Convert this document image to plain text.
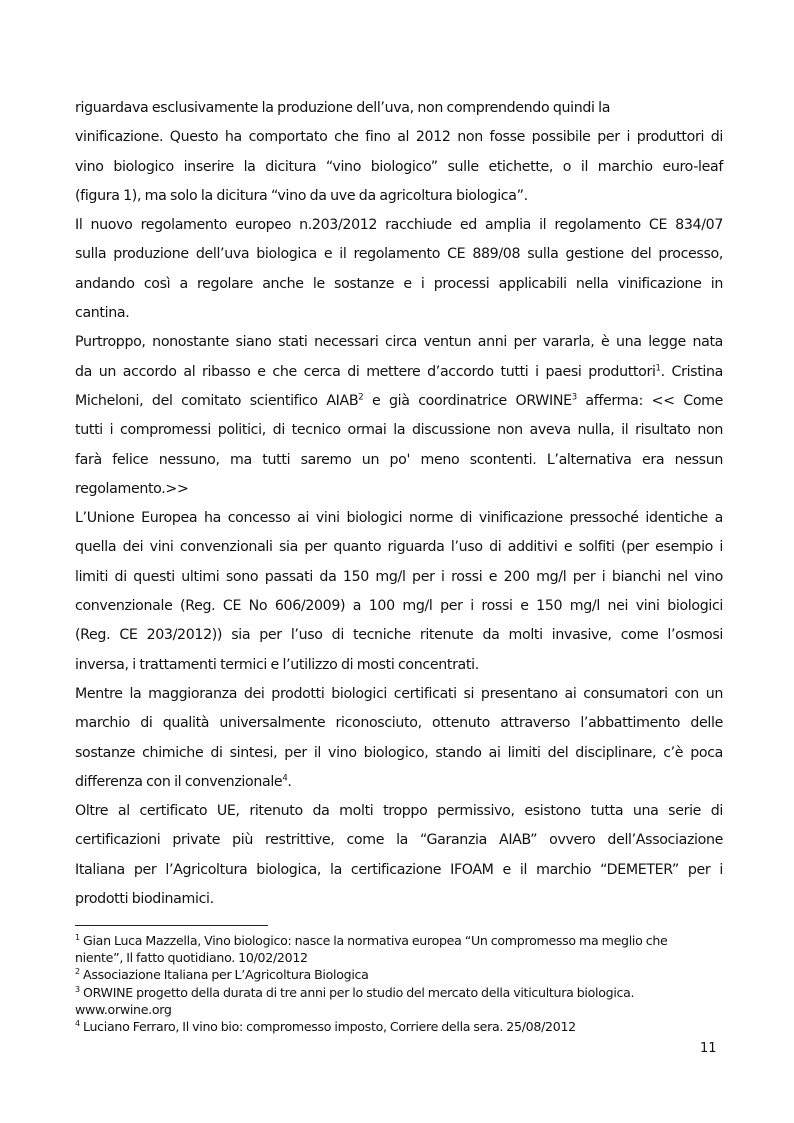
riguardava esclusivamente la produzione dell’uva, non comprendendo quindi la
vinificazione. Questo ha comportato che fino al 2012 non fosse possibile per i produttori di
vino biologico inserire la dicitura “vino biologico” sulle etichette, o il marchio euro-leaf
(figura 1), ma solo la dicitura “vino da uve da agricoltura biologica”.
Il nuovo regolamento europeo n.203/2012 racchiude ed amplia il regolamento CE 834/07
sulla produzione dell’uva biologica e il regolamento CE 889/08 sulla gestione del processo,
andando così a regolare anche le sostanze e i processi applicabili nella vinificazione in
cantina.
Purtroppo, nonostante siano stati necessari circa ventun anni per vararla, è una legge nata
da un accordo al ribasso e che cerca di mettere d’accordo tutti i paesi produttori$^1$. Cristina
Micheloni, del comitato scientifico AIAB$^2$ e già coordinatrice ORWINE$^3$ afferma: << Come
tutti i compromessi politici, di tecnico ormai la discussione non aveva nulla, il risultato non
farà felice nessuno, ma tutti saremo un po' meno scontenti. L’alternativa era nessun
regolamento.>>
L’Unione Europea ha concesso ai vini biologici norme di vinificazione pressoché identiche a
quella dei vini convenzionali sia per quanto riguarda l’uso di additivi e solfiti (per esempio i
limiti di questi ultimi sono passati da 150 mg/l per i rossi e 200 mg/l per i bianchi nel vino
convenzionale (Reg. CE No 606/2009) a 100 mg/l per i rossi e 150 mg/l nei vini biologici
(Reg. CE 203/2012)) sia per l’uso di tecniche ritenute da molti invasive, come l’osmosi
inversa, i trattamenti termici e l’utilizzo di mosti concentrati.
Mentre la maggioranza dei prodotti biologici certificati si presentano ai consumatori con un
marchio di qualità universalmente riconosciuto, ottenuto attraverso l’abbattimento delle
sostanze chimiche di sintesi, per il vino biologico, stando ai limiti del disciplinare, c’è poca
differenza con il convenzionale$^4$.
Oltre al certificato UE, ritenuto da molti troppo permissivo, esistono tutta una serie di
certificazioni private più restrittive, come la “Garanzia AIAB” ovvero dell’Associazione
Italiana per l’Agricoltura biologica, la certificazione IFOAM e il marchio “DEMETER” per i
prodotti biodinamici.
$^1$ Gian Luca Mazzella, Vino biologico: nasce la normativa europea “Un compromesso ma meglio che
niente”, Il fatto quotidiano. 10/02/2012
$^2$ Associazione Italiana per L’Agricoltura Biologica
$^3$ ORWINE progetto della durata di tre anni per lo studio del mercato della viticultura biologica.
www.orwine.org
$^4$ Luciano Ferraro, Il vino bio: compromesso imposto, Corriere della sera. 25/08/2012
11
